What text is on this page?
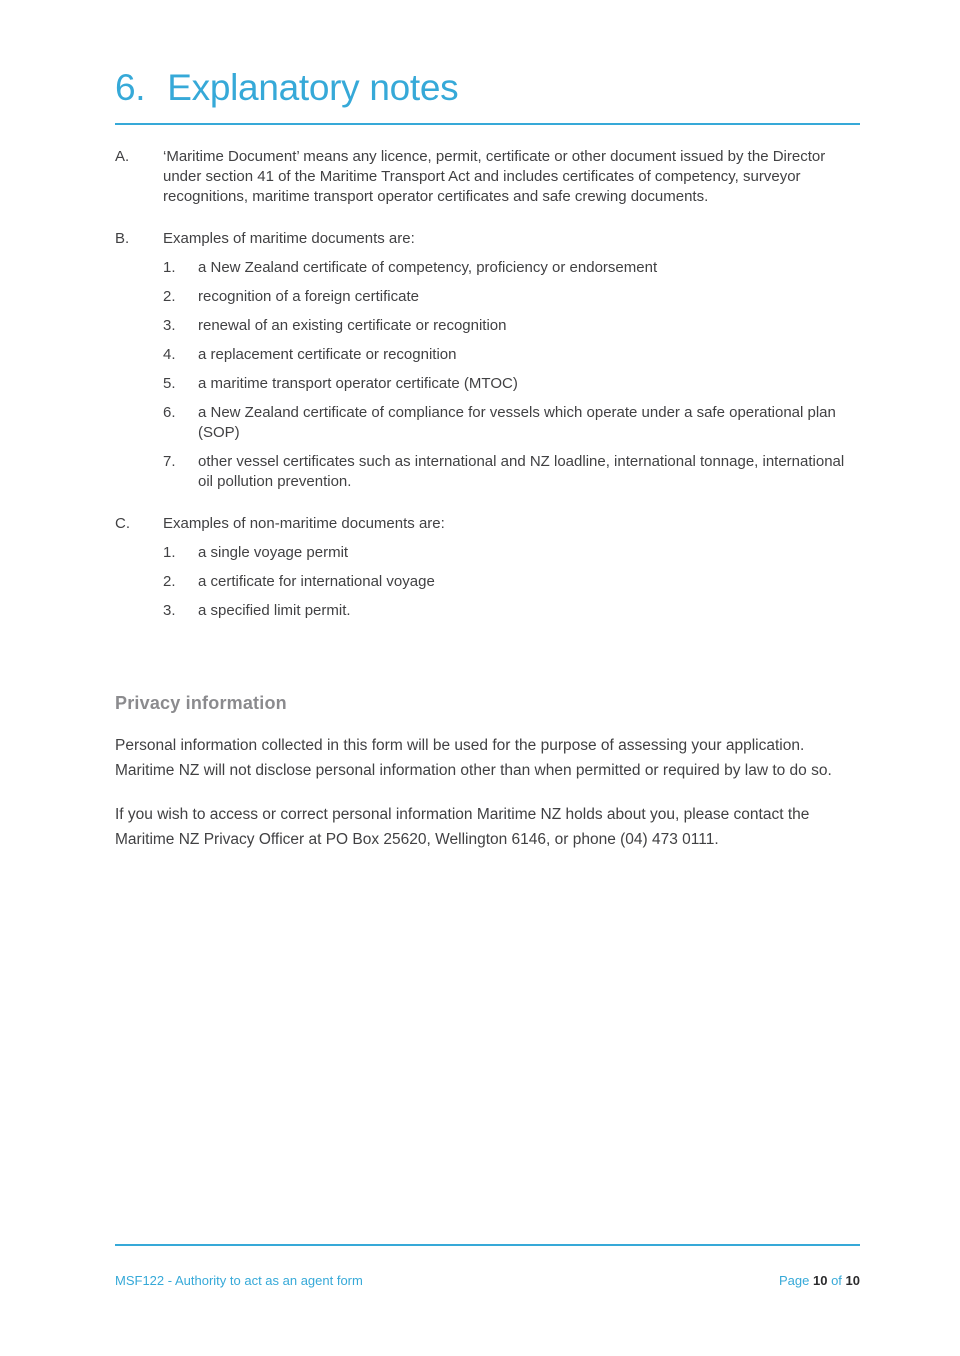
6. Explanatory notes
A.	‘Maritime Document’ means any licence, permit, certificate or other document issued by the Director under section 41 of the Maritime Transport Act and includes certificates of competency, surveyor recognitions, maritime transport operator certificates and safe crewing documents.

B.	Examples of maritime documents are:

1.	a New Zealand certificate of competency, proficiency or endorsement
2.	recognition of a foreign certificate
3.	renewal of an existing certificate or recognition
4.	a replacement certificate or recognition
5.	a maritime transport operator certificate (MTOC)
6.	a New Zealand certificate of compliance for vessels which operate under a safe operational plan (SOP)
7.	other vessel certificates such as international and NZ loadline, international tonnage, international oil pollution prevention.
C.	Examples of non-maritime documents are:

1.	a single voyage permit
2.	a certificate for international voyage
3.	a specified limit permit.
Privacy information

Personal information collected in this form will be used for the purpose of assessing your application. Maritime NZ will not disclose personal information other than when permitted or required by law to do so.

If you wish to access or correct personal information Maritime NZ holds about you, please contact the Maritime NZ Privacy Officer at PO Box 25620, Wellington 6146, or phone (04) 473 0111.

MSF122 - Authority to act as an agent form	Page 10 of 10
